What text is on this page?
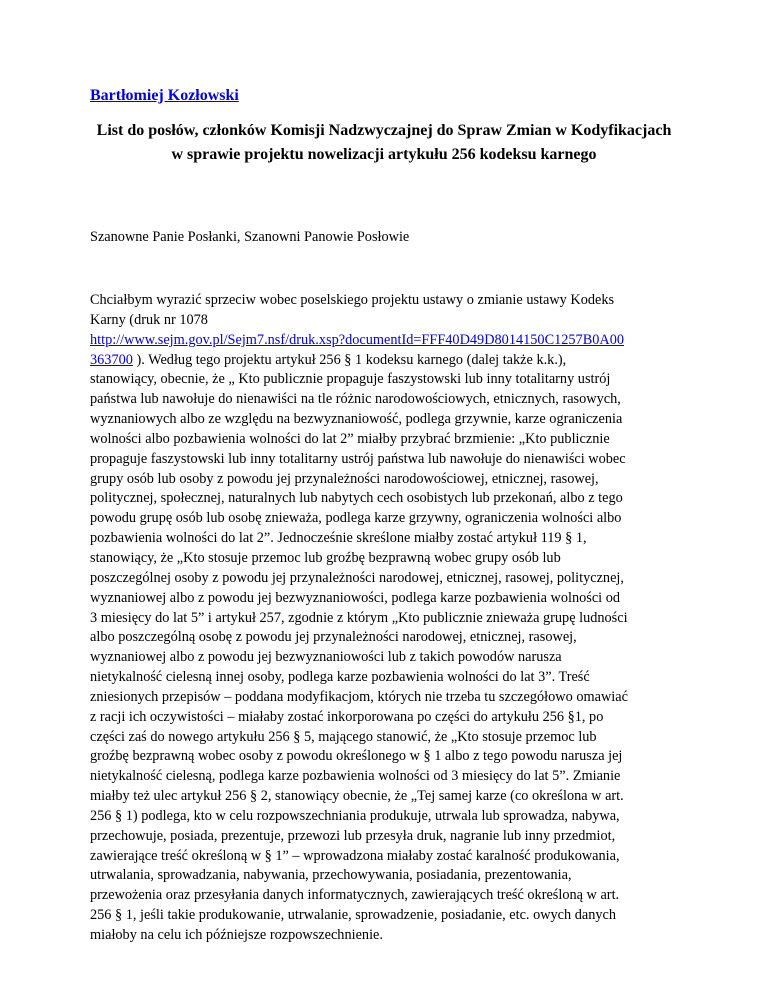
Bartłomiej Kozłowski
List do posłów, członków Komisji Nadzwyczajnej do Spraw Zmian w Kodyfikacjach w sprawie projektu nowelizacji artykułu 256 kodeksu karnego
Szanowne Panie Posłanki, Szanowni Panowie Posłowie
Chciałbym wyrazić sprzeciw wobec poselskiego projektu ustawy o zmianie ustawy Kodeks
Karny (druk nr 1078
http://www.sejm.gov.pl/Sejm7.nsf/druk.xsp?documentId=FFF40D49D8014150C1257B0A00
363700 ). Według tego projektu artykuł 256 § 1 kodeksu karnego (dalej także k.k.),
stanowiący, obecnie, że „ Kto publicznie propaguje faszystowski lub inny totalitarny ustrój
państwa lub nawołuje do nienawiści na tle różnic narodowościowych, etnicznych, rasowych,
wyznaniowych albo ze względu na bezwyznaniowość, podlega grzywnie, karze ograniczenia
wolności albo pozbawienia wolności do lat 2” miałby przybrać brzmienie: „Kto publicznie
propaguje faszystowski lub inny totalitarny ustrój państwa lub nawołuje do nienawiści wobec
grupy osób lub osoby z powodu jej przynależności narodowościowej, etnicznej, rasowej,
politycznej, społecznej, naturalnych lub nabytych cech osobistych lub przekonań, albo z tego
powodu grupę osób lub osobę znieważa, podlega karze grzywny, ograniczenia wolności albo
pozbawienia wolności do lat 2”. Jednocześnie skreślone miałby zostać artykuł 119 § 1,
stanowiący, że „Kto stosuje przemoc lub groźbę bezprawną wobec grupy osób lub
poszczególnej osoby z powodu jej przynależności narodowej, etnicznej, rasowej, politycznej,
wyznaniowej albo z powodu jej bezwyznaniowości, podlega karze pozbawienia wolności od
3 miesięcy do lat 5” i artykuł 257, zgodnie z którym „Kto publicznie znieważa grupę ludności
albo poszczególną osobę z powodu jej przynależności narodowej, etnicznej, rasowej,
wyznaniowej albo z powodu jej bezwyznaniowości lub z takich powodów narusza
nietykalność cielesną innej osoby, podlega karze pozbawienia wolności do lat 3”. Treść
zniesionych przepisów – poddana modyfikacjom, których nie trzeba tu szczegółowo omawiać
z racji ich oczywistości – miałaby zostać inkorporowana po części do artykułu 256 §1, po
części zaś do nowego artykułu 256 § 5, mającego stanowić, że „Kto stosuje przemoc lub
groźbę bezprawną wobec osoby z powodu określonego w § 1 albo z tego powodu narusza jej
nietykalność cielesną, podlega karze pozbawienia wolności od 3 miesięcy do lat 5”. Zmianie
miałby też ulec artykuł 256 § 2, stanowiący obecnie, że „Tej samej karze (co określona w art.
256 § 1) podlega, kto w celu rozpowszechniania produkuje, utrwala lub sprowadza, nabywa,
przechowuje, posiada, prezentuje, przewozi lub przesyła druk, nagranie lub inny przedmiot,
zawierające treść określoną w § 1” – wprowadzona miałaby zostać karalność produkowania,
utrwalania, sprowadzania, nabywania, przechowywania, posiadania, prezentowania,
przewożenia oraz przesyłania danych informatycznych, zawierających treść określoną w art.
256 § 1, jeśli takie produkowanie, utrwalanie, sprowadzenie, posiadanie, etc. owych danych
miałoby na celu ich późniejsze rozpowszechnienie.
